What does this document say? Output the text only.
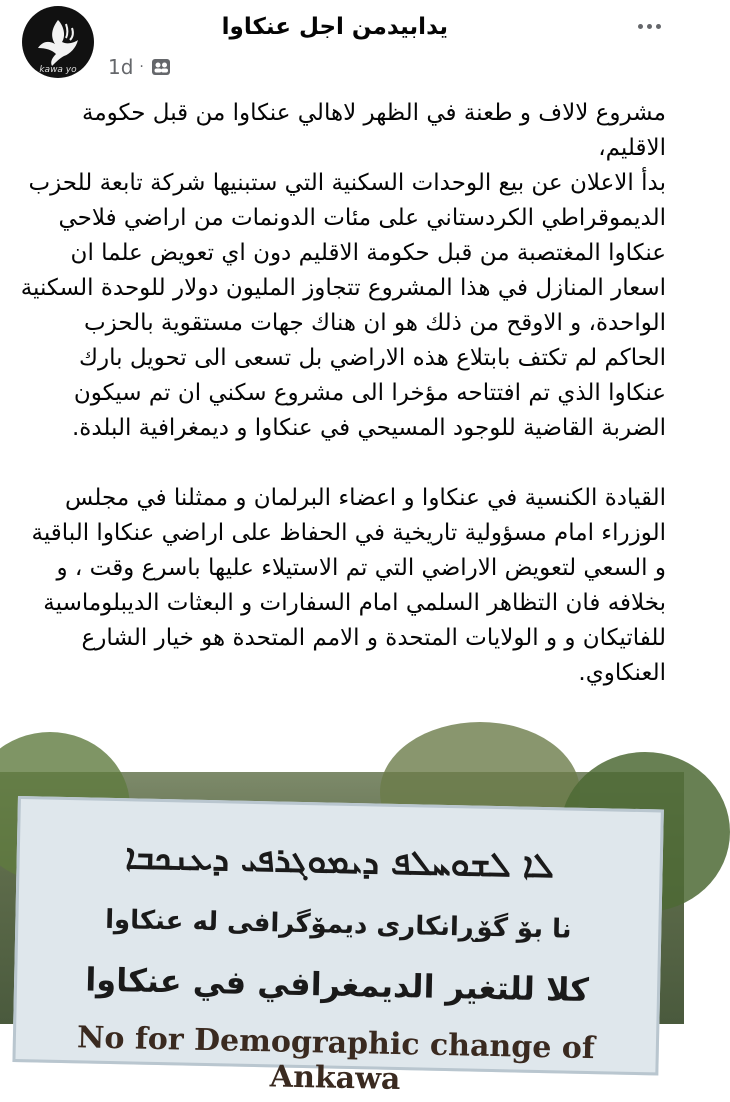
kawa yo
يدابيدمن اجل عنكاوا
1d ·

مشروع لالاف و طعنة في الظهر لاهالي عنكاوا من قبل حكومة الاقليم،

بدأ الاعلان عن بيع الوحدات السكنية التي ستبنيها شركة تابعة للحزب الديموقراطي الكردستاني على مئات الدونمات من اراضي فلاحي عنكاوا المغتصبة من قبل حكومة الاقليم دون اي تعويض علما ان اسعار المنازل في هذا المشروع تتجاوز المليون دولار للوحدة السكنية الواحدة، و الاوقح من ذلك هو ان هناك جهات مستقوية بالحزب الحاكم لم تكتف بابتلاع هذه الاراضي بل تسعى الى تحويل بارك عنكاوا الذي تم افتتاحه مؤخرا الى مشروع سكني ان تم سيكون الضربة القاضية للوجود المسيحي في عنكاوا و ديمغرافية البلدة.

القيادة الكنسية في عنكاوا و اعضاء البرلمان و ممثلنا في مجلس الوزراء امام مسؤولية تاريخية في الحفاظ على اراضي عنكاوا الباقية و السعي لتعويض الاراضي التي تم الاستيلاء عليها باسرع وقت ، و بخلافه فان التظاهر السلمي امام السفارات و البعثات الديبلوماسية للفاتيكان و و الولايات المتحدة و الامم المتحدة هو خيار الشارع العنكاوي.

ܠܐ ܠܫܘܚܠܦ ܕܝܡܘܓܪܦܝ ܕܥܢܟܒܐ
نا بۆ گۆڕانکاری دیمۆگرافی له عنكاوا
كلا للتغير الديمغرافي في عنكاوا
No for Demographic change of Ankawa
